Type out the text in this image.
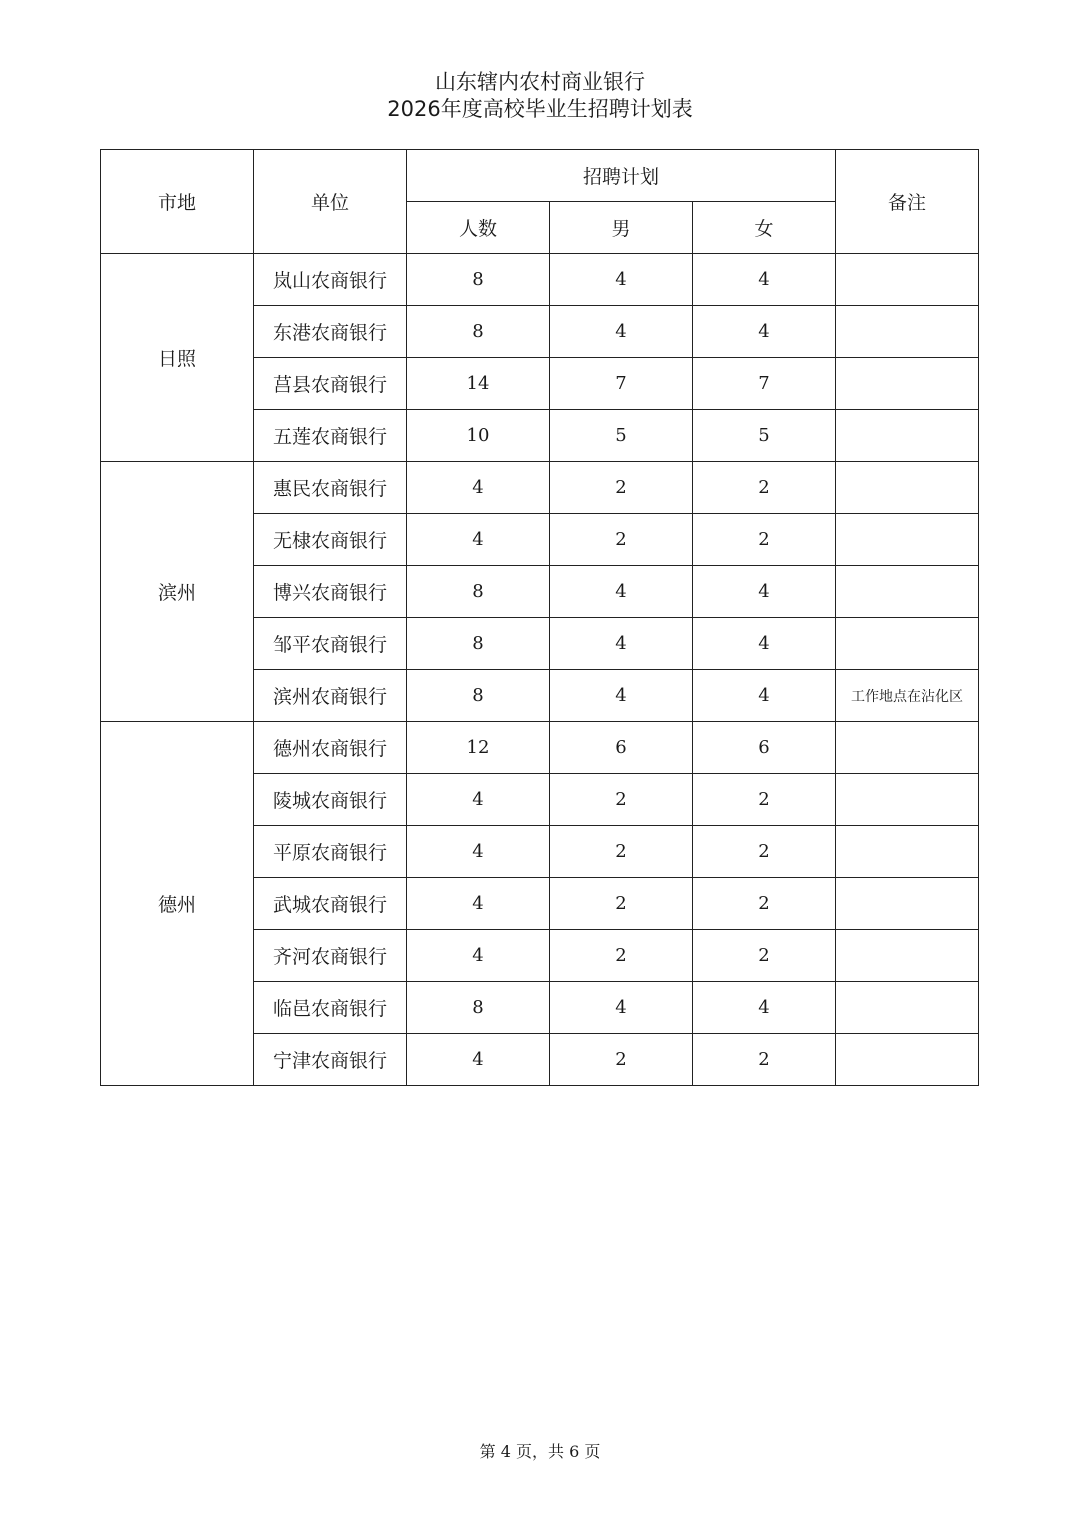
山东辖内农村商业银行
2026年度高校毕业生招聘计划表
市地	单位	招聘计划			备注
		人数	男	女	
日照	岚山农商银行	8	4	4	
	东港农商银行	8	4	4	
	莒县农商银行	14	7	7	
	五莲农商银行	10	5	5	
滨州	惠民农商银行	4	2	2	
	无棣农商银行	4	2	2	
	博兴农商银行	8	4	4	
	邹平农商银行	8	4	4	
	滨州农商银行	8	4	4	工作地点在沾化区
德州	德州农商银行	12	6	6	
	陵城农商银行	4	2	2	
	平原农商银行	4	2	2	
	武城农商银行	4	2	2	
	齐河农商银行	4	2	2	
	临邑农商银行	8	4	4	
	宁津农商银行	4	2	2	
第 4 页，共 6 页
